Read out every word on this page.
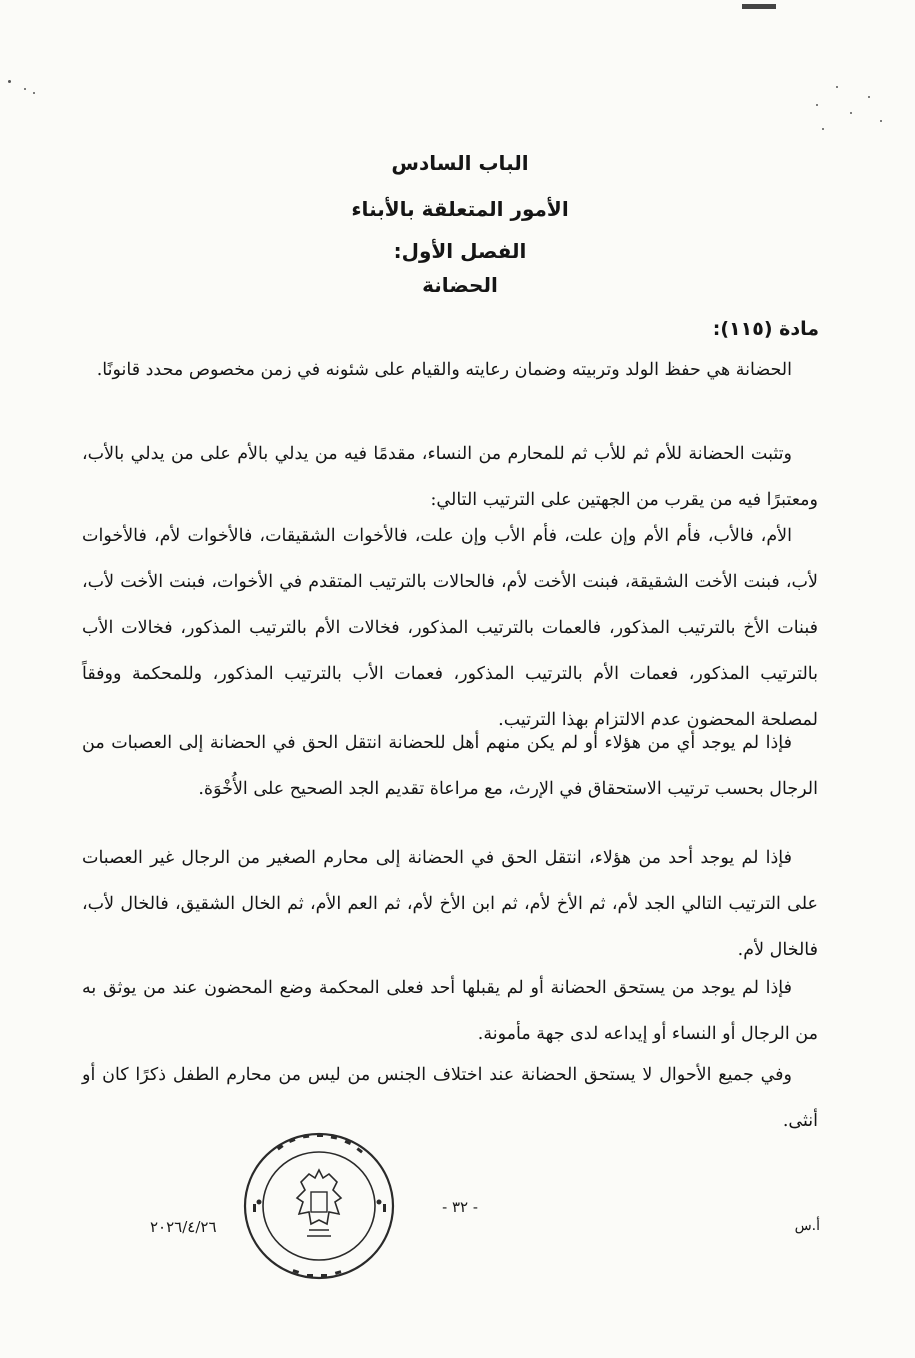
الباب السادس
الأمور المتعلقة بالأبناء
الفصل الأول:
الحضانة
مادة (١١٥):
الحضانة هي حفظ الولد وتربيته وضمان رعايته والقيام على شئونه في زمن مخصوص محدد قانونًا.
وتثبت الحضانة للأم ثم للأب ثم للمحارم من النساء، مقدمًا فيه من يدلي بالأم على من يدلي بالأب، ومعتبرًا فيه من يقرب من الجهتين على الترتيب التالي:
الأم، فالأب، فأم الأم وإن علت، فأم الأب وإن علت، فالأخوات الشقيقات، فالأخوات لأم، فالأخوات لأب، فبنت الأخت الشقيقة، فبنت الأخت لأم، فالحالات بالترتيب المتقدم في الأخوات، فبنت الأخت لأب، فبنات الأخ بالترتيب المذكور، فالعمات بالترتيب المذكور، فخالات الأم بالترتيب المذكور، فخالات الأب بالترتيب المذكور، فعمات الأم بالترتيب المذكور، فعمات الأب بالترتيب المذكور، وللمحكمة ووفقاً لمصلحة المحضون عدم الالتزام بهذا الترتيب.
فإذا لم يوجد أي من هؤلاء أو لم يكن منهم أهل للحضانة انتقل الحق في الحضانة إلى العصبات من الرجال بحسب ترتيب الاستحقاق في الإرث، مع مراعاة تقديم الجد الصحيح على الأُخْوَة.
فإذا لم يوجد أحد من هؤلاء، انتقل الحق في الحضانة إلى محارم الصغير من الرجال غير العصبات على الترتيب التالي الجد لأم، ثم الأخ لأم، ثم ابن الأخ لأم، ثم العم الأم، ثم الخال الشقيق، فالخال لأب، فالخال لأم.
فإذا لم يوجد من يستحق الحضانة أو لم يقبلها أحد فعلى المحكمة وضع المحضون عند من يوثق به من الرجال أو النساء أو إيداعه لدى جهة مأمونة.
وفي جميع الأحوال لا يستحق الحضانة عند اختلاف الجنس من ليس من محارم الطفل ذكرًا كان أو أنثى.
- ٣٢ -
٢٠٢٦/٤/٢٦	أ.س
